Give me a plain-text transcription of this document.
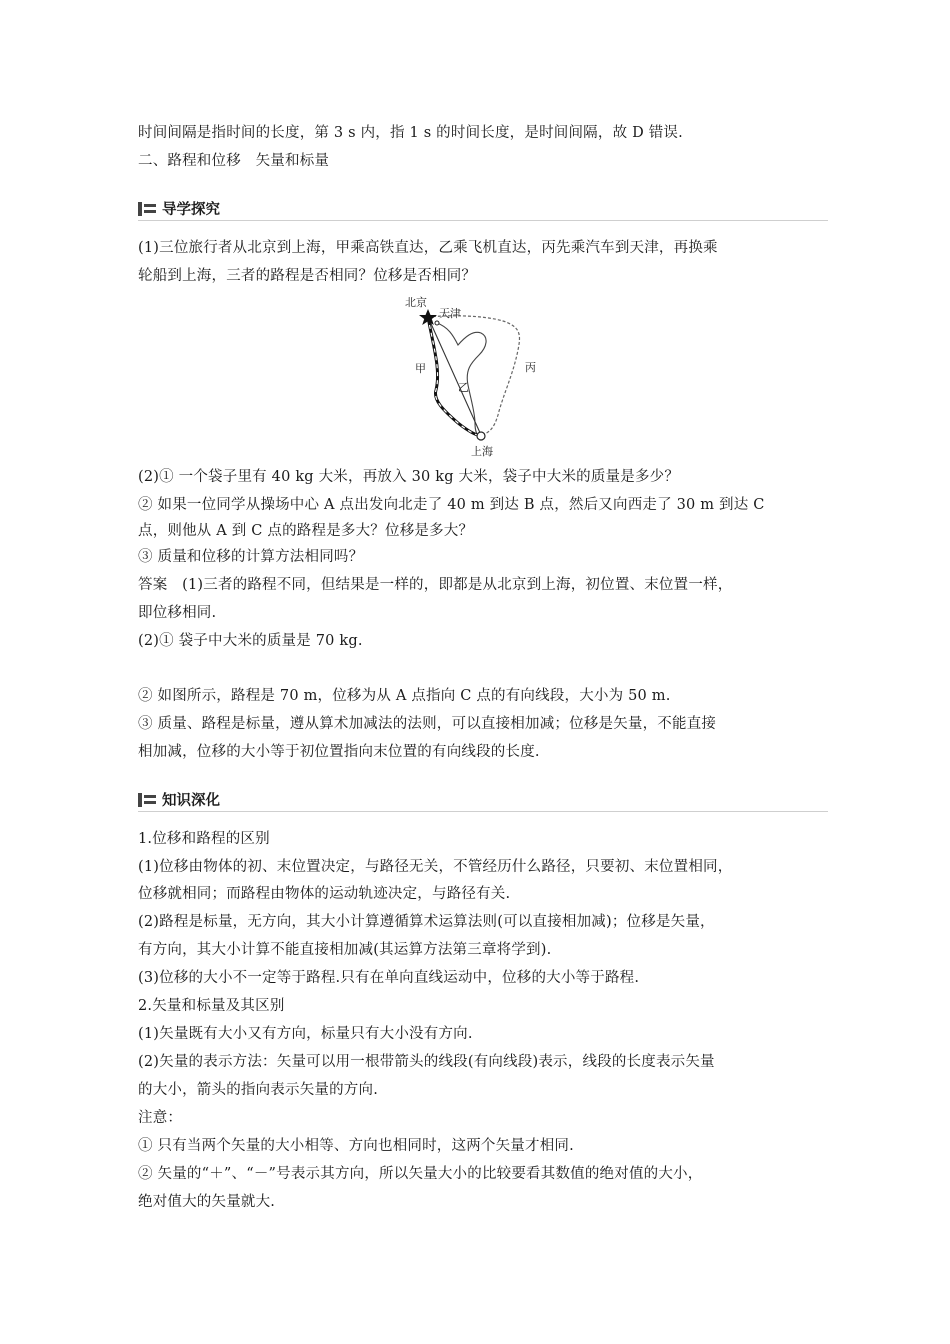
时间间隔是指时间的长度，第 3 s 内，指 1 s 的时间长度，是时间间隔，故 D 错误.
二、路程和位移　矢量和标量
导学探究
(1)三位旅行者从北京到上海，甲乘高铁直达，乙乘飞机直达，丙先乘汽车到天津，再换乘
轮船到上海，三者的路程是否相同？位移是否相同？
北京
天津
甲
乙
丙
上海
(2)① 一个袋子里有 40 kg 大米，再放入 30 kg 大米，袋子中大米的质量是多少？
② 如果一位同学从操场中心 A 点出发向北走了 40 m 到达 B 点，然后又向西走了 30 m 到达 C
点，则他从 A 到 C 点的路程是多大？位移是多大？
③ 质量和位移的计算方法相同吗？
答案　(1)三者的路程不同，但结果是一样的，即都是从北京到上海，初位置、末位置一样，
即位移相同.
(2)① 袋子中大米的质量是 70 kg.
② 如图所示，路程是 70 m，位移为从 A 点指向 C 点的有向线段，大小为 50 m.
③ 质量、路程是标量，遵从算术加减法的法则，可以直接相加减；位移是矢量，不能直接
相加减，位移的大小等于初位置指向末位置的有向线段的长度.
知识深化
1.位移和路程的区别
(1)位移由物体的初、末位置决定，与路径无关，不管经历什么路径，只要初、末位置相同，
位移就相同；而路程由物体的运动轨迹决定，与路径有关.
(2)路程是标量，无方向，其大小计算遵循算术运算法则(可以直接相加减)；位移是矢量，
有方向，其大小计算不能直接相加减(其运算方法第三章将学到).
(3)位移的大小不一定等于路程.只有在单向直线运动中，位移的大小等于路程.
2.矢量和标量及其区别
(1)矢量既有大小又有方向，标量只有大小没有方向.
(2)矢量的表示方法：矢量可以用一根带箭头的线段(有向线段)表示，线段的长度表示矢量
的大小，箭头的指向表示矢量的方向.
注意：
① 只有当两个矢量的大小相等、方向也相同时，这两个矢量才相同.
② 矢量的“＋”、“－”号表示其方向，所以矢量大小的比较要看其数值的绝对值的大小，
绝对值大的矢量就大.
